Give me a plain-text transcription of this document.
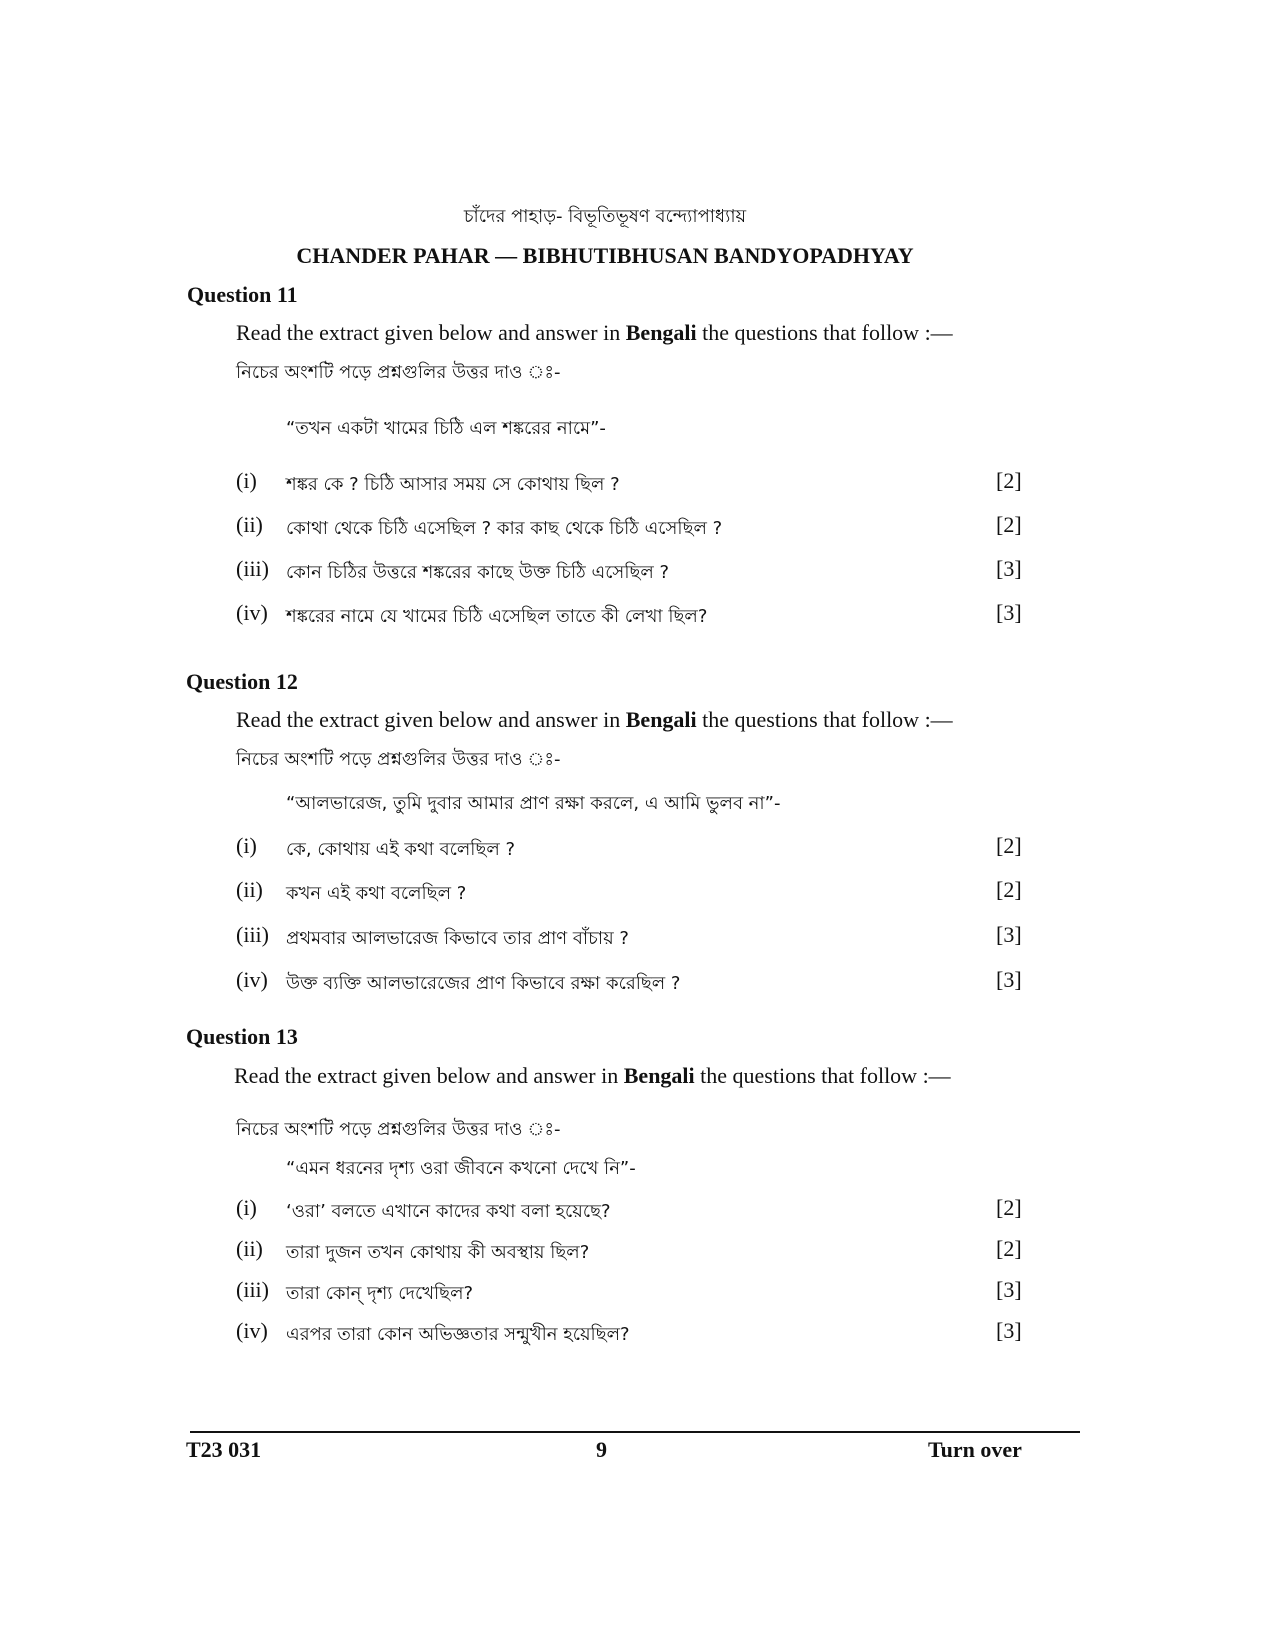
চাঁদের পাহাড়- বিভূতিভূষণ বন্দ্যোপাধ্যায়
CHANDER PAHAR — BIBHUTIBHUSAN BANDYOPADHYAY
Question 11
Read the extract given below and answer in Bengali the questions that follow :—
নিচের অংশটি পড়ে প্রশ্নগুলির উত্তর দাও ঃ-
“তখন একটা খামের চিঠি এল শঙ্করের নামে”-
(i) শঙ্কর কে ? চিঠি আসার সময় সে কোথায় ছিল ?	[2]
(ii) কোথা থেকে চিঠি এসেছিল ? কার কাছ থেকে চিঠি এসেছিল ?	[2]
(iii) কোন চিঠির উত্তরে শঙ্করের কাছে উক্ত চিঠি এসেছিল ?	[3]
(iv) শঙ্করের নামে যে খামের চিঠি এসেছিল তাতে কী লেখা ছিল?	[3]
Question 12
Read the extract given below and answer in Bengali the questions that follow :—
নিচের অংশটি পড়ে প্রশ্নগুলির উত্তর দাও ঃ-
“আলভারেজ, তুমি দুবার আমার প্রাণ রক্ষা করলে, এ আমি ভুলব না”-
(i) কে, কোথায় এই কথা বলেছিল ?	[2]
(ii) কখন এই কথা বলেছিল ?	[2]
(iii) প্রথমবার আলভারেজ কিভাবে তার প্রাণ বাঁচায় ?	[3]
(iv) উক্ত ব্যক্তি আলভারেজের প্রাণ কিভাবে রক্ষা করেছিল ?	[3]
Question 13
Read the extract given below and answer in Bengali the questions that follow :—
নিচের অংশটি পড়ে প্রশ্নগুলির উত্তর দাও ঃ-
“এমন ধরনের দৃশ্য ওরা জীবনে কখনো দেখে নি”-
(i) ‘ওরা’ বলতে এখানে কাদের কথা বলা হয়েছে?	[2]
(ii) তারা দুজন তখন কোথায় কী অবস্থায় ছিল?	[2]
(iii) তারা কোন্ দৃশ্য দেখেছিল?	[3]
(iv) এরপর তারা কোন অভিজ্ঞতার সন্মুখীন হয়েছিল?	[3]
T23 031	9	Turn over
